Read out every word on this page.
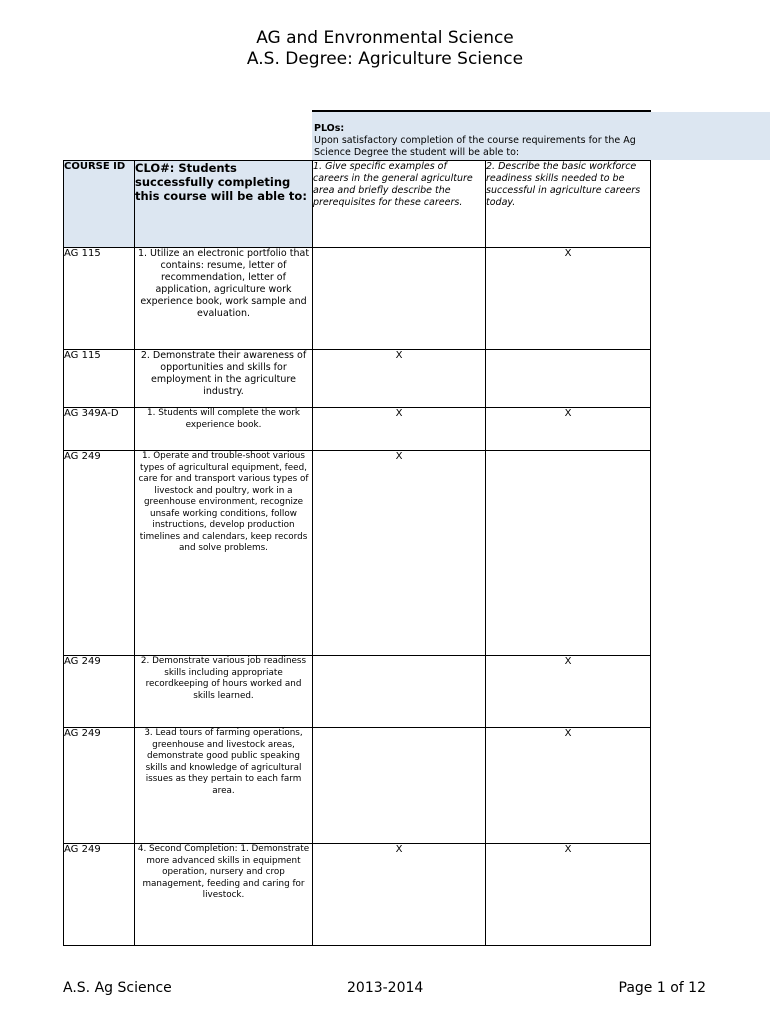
AG and Envronmental Science
A.S. Degree: Agriculture Science
PLOs:
Upon satisfactory completion of the course requirements for the Ag
Science Degree the student will be able to:
COURSE ID	CLO#: Students successfully completing this course will be able to:	1. Give specific examples of careers in the general agriculture area and briefly describe the prerequisites for these careers.	2. Describe the basic workforce readiness skills needed to be successful in agriculture careers today.
AG 115	1. Utilize an electronic portfolio that contains: resume, letter of recommendation, letter of application, agriculture work experience book, work sample and evaluation.		X
AG 115	2. Demonstrate their awareness of opportunities and skills for employment in the agriculture industry.	X	
AG 349A-D	1. Students will complete the work experience book.	X	X
AG 249	1. Operate and trouble-shoot various types of agricultural equipment, feed, care for and transport various types of livestock and poultry, work in a greenhouse environment, recognize unsafe working conditions, follow instructions, develop production timelines and calendars, keep records and solve problems.	X	
AG 249	2. Demonstrate various job readiness skills including appropriate recordkeeping of hours worked and skills learned.		X
AG 249	3. Lead tours of farming operations, greenhouse and livestock areas, demonstrate good public speaking skills and knowledge of agricultural issues as they pertain to each farm area.		X
AG 249	4. Second Completion: 1. Demonstrate more advanced skills in equipment operation, nursery and crop management, feeding and caring for livestock.	X	X
A.S. Ag Science	2013-2014	Page 1 of 12
